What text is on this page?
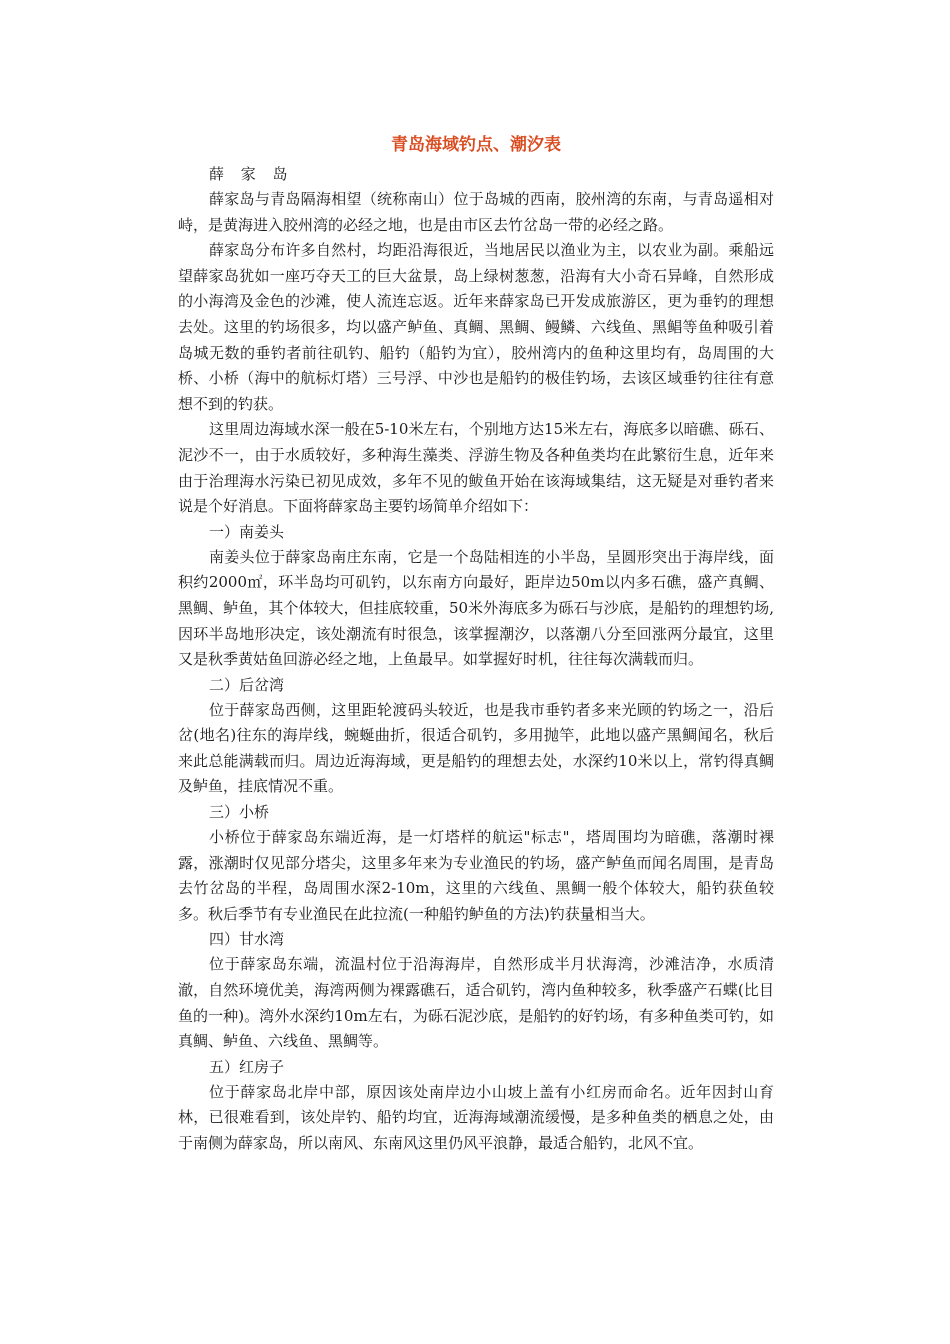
青岛海域钓点、潮汐表

薛 家 岛

薛家岛与青岛隔海相望（统称南山）位于岛城的西南，胶州湾的东南，与青岛遥相对峙，是黄海进入胶州湾的必经之地，也是由市区去竹岔岛一带的必经之路。

薛家岛分布许多自然村，均距沿海很近，当地居民以渔业为主，以农业为副。乘船远望薛家岛犹如一座巧夺天工的巨大盆景，岛上绿树葱葱，沿海有大小奇石异峰，自然形成的小海湾及金色的沙滩，使人流连忘返。近年来薛家岛已开发成旅游区，更为垂钓的理想去处。这里的钓场很多，均以盛产鲈鱼、真鲷、黑鲷、鳗鳞、六线鱼、黑鲳等鱼种吸引着岛城无数的垂钓者前往矶钓、船钓（船钓为宜），胶州湾内的鱼种这里均有，岛周围的大桥、小桥（海中的航标灯塔）三号浮、中沙也是船钓的极佳钓场，去该区域垂钓往往有意想不到的钓获。

这里周边海域水深一般在5-10米左右，个别地方达15米左右，海底多以暗礁、砾石、泥沙不一，由于水质较好，多种海生藻类、浮游生物及各种鱼类均在此繁衍生息，近年来由于治理海水污染已初见成效，多年不见的鲅鱼开始在该海域集结，这无疑是对垂钓者来说是个好消息。下面将薛家岛主要钓场简单介绍如下：

一）南姜头

南姜头位于薛家岛南庄东南，它是一个岛陆相连的小半岛，呈圆形突出于海岸线，面积约2000㎡，环半岛均可矶钓，以东南方向最好，距岸边50m以内多石礁，盛产真鲷、黑鲷、鲈鱼，其个体较大，但挂底较重，50米外海底多为砾石与沙底，是船钓的理想钓场,因环半岛地形决定，该处潮流有时很急，该掌握潮汐，以落潮八分至回涨两分最宜，这里又是秋季黄姑鱼回游必经之地，上鱼最早。如掌握好时机，往往每次满载而归。

二）后岔湾

位于薛家岛西侧，这里距轮渡码头较近，也是我市垂钓者多来光顾的钓场之一，沿后岔(地名)往东的海岸线，蜿蜒曲折，很适合矶钓，多用抛竿，此地以盛产黑鲷闻名，秋后来此总能满载而归。周边近海海域，更是船钓的理想去处，水深约10米以上，常钓得真鲷及鲈鱼，挂底情况不重。

三）小桥

小桥位于薛家岛东端近海，是一灯塔样的航运"标志"，塔周围均为暗礁，落潮时裸露，涨潮时仅见部分塔尖，这里多年来为专业渔民的钓场，盛产鲈鱼而闻名周围，是青岛去竹岔岛的半程，岛周围水深2-10m，这里的六线鱼、黑鲷一般个体较大，船钓获鱼较多。秋后季节有专业渔民在此拉流(一种船钓鲈鱼的方法)钓获量相当大。

四）甘水湾

位于薛家岛东端，流温村位于沿海海岸，自然形成半月状海湾，沙滩洁净，水质清澈，自然环境优美，海湾两侧为裸露礁石，适合矶钓，湾内鱼种较多，秋季盛产石蝶(比目鱼的一种)。湾外水深约10m左右，为砾石泥沙底，是船钓的好钓场，有多种鱼类可钓，如真鲷、鲈鱼、六线鱼、黑鲷等。

五）红房子

位于薛家岛北岸中部，原因该处南岸边小山坡上盖有小红房而命名。近年因封山育林，已很难看到，该处岸钓、船钓均宜，近海海域潮流缓慢，是多种鱼类的栖息之处，由于南侧为薛家岛，所以南风、东南风这里仍风平浪静，最适合船钓，北风不宜。
